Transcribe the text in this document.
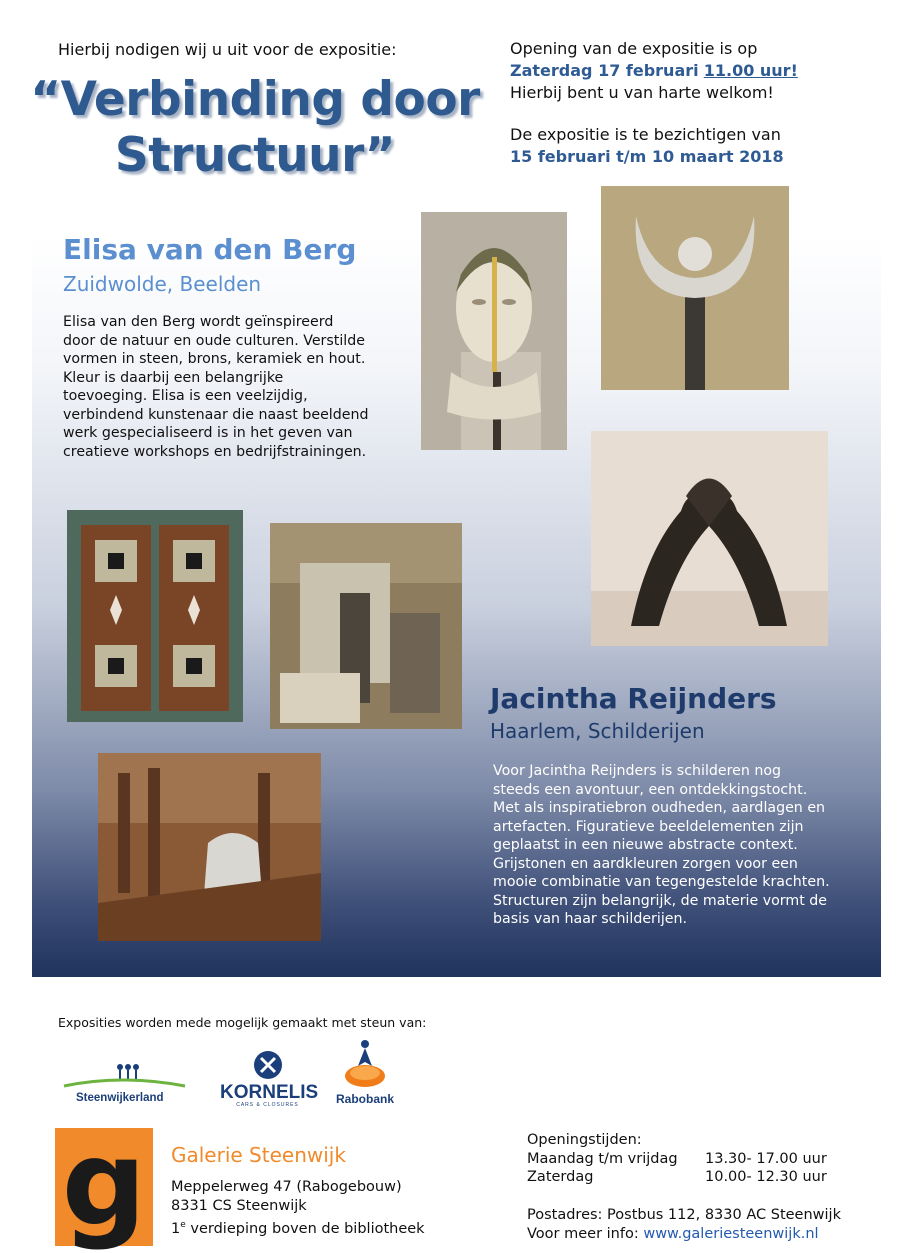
Hierbij nodigen wij u uit voor de expositie:
“Verbinding door
Structuur”
Opening van de expositie is op
Zaterdag 17 februari 11.00 uur!
Hierbij bent u van harte welkom!
De expositie is te bezichtigen van
15 februari t/m 10 maart 2018
Elisa van den Berg
Zuidwolde, Beelden
Elisa van den Berg wordt geïnspireerd
door de natuur en oude culturen. Verstilde
vormen in steen, brons, keramiek en hout.
Kleur is daarbij een belangrijke
toevoeging. Elisa is een veelzijdig,
verbindend kunstenaar die naast beeldend
werk gespecialiseerd is in het geven van
creatieve workshops en bedrijfstrainingen.
Jacintha Reijnders
Haarlem, Schilderijen
Voor Jacintha Reijnders is schilderen nog
steeds een avontuur, een ontdekkingstocht.
Met als inspiratiebron oudheden, aardlagen en
artefacten. Figuratieve beeldelementen zijn
geplaatst in een nieuwe abstracte context.
Grijstonen en aardkleuren zorgen voor een
mooie combinatie van tegengestelde krachten.
Structuren zijn belangrijk, de materie vormt de
basis van haar schilderijen.
Exposities worden mede mogelijk gemaakt met steun van:
Steenwijkerland	KORNELIS
CARS & CLOSURES	Rabobank
g	Galerie Steenwijk
Meppelerweg 47 (Rabogebouw)
8331 CS Steenwijk
1e verdieping boven de bibliotheek
Openingstijden:
Maandag t/m vrijdag	13.30- 17.00 uur
Zaterdag	10.00- 12.30 uur
Postadres: Postbus 112, 8330 AC Steenwijk
Voor meer info: www.galeriesteenwijk.nl
